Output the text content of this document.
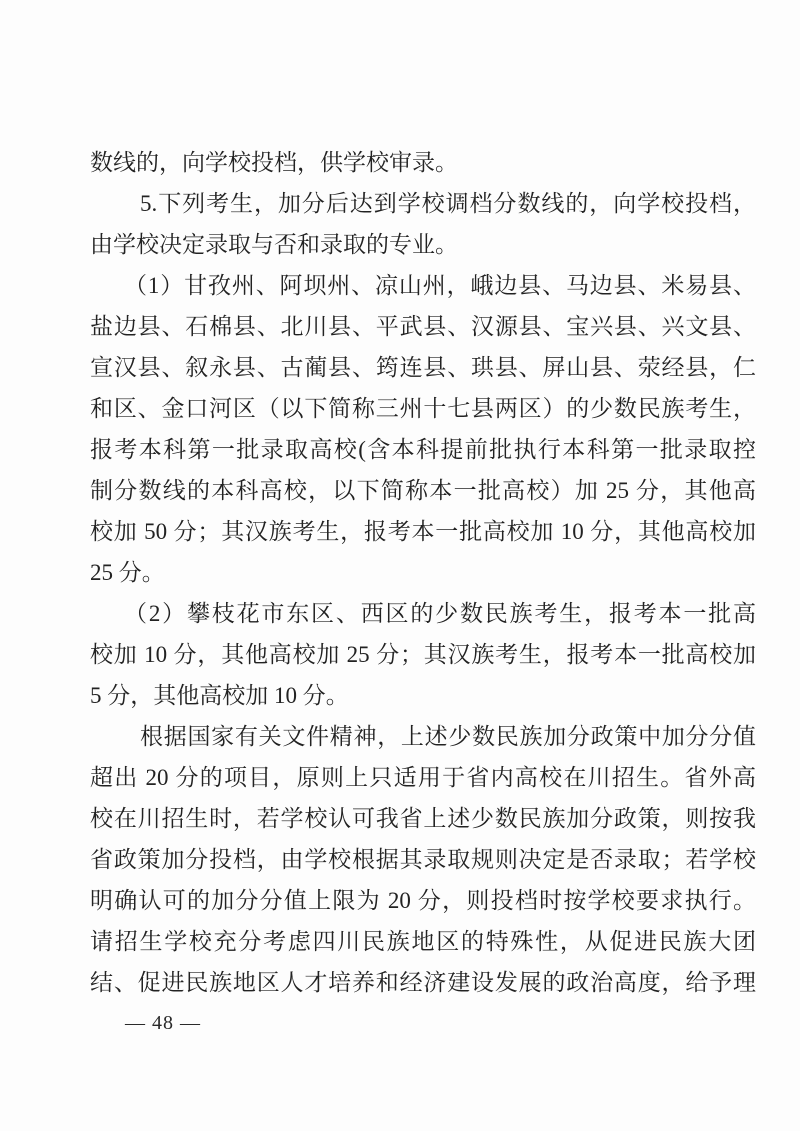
数线的，向学校投档，供学校审录。
5.下列考生，加分后达到学校调档分数线的，向学校投档，
由学校决定录取与否和录取的专业。
（1）甘孜州、阿坝州、凉山州，峨边县、马边县、米易县、
盐边县、石棉县、北川县、平武县、汉源县、宝兴县、兴文县、
宣汉县、叙永县、古蔺县、筠连县、珙县、屏山县、荥经县，仁
和区、金口河区（以下简称三州十七县两区）的少数民族考生，
报考本科第一批录取高校(含本科提前批执行本科第一批录取控
制分数线的本科高校，以下简称本一批高校）加 25 分，其他高
校加 50 分；其汉族考生，报考本一批高校加 10 分，其他高校加
25 分。
（2）攀枝花市东区、西区的少数民族考生，报考本一批高
校加 10 分，其他高校加 25 分；其汉族考生，报考本一批高校加
5 分，其他高校加 10 分。
根据国家有关文件精神，上述少数民族加分政策中加分分值
超出 20 分的项目，原则上只适用于省内高校在川招生。省外高
校在川招生时，若学校认可我省上述少数民族加分政策，则按我
省政策加分投档，由学校根据其录取规则决定是否录取；若学校
明确认可的加分分值上限为 20 分，则投档时按学校要求执行。
请招生学校充分考虑四川民族地区的特殊性，从促进民族大团
结、促进民族地区人才培养和经济建设发展的政治高度，给予理
— 48 —
